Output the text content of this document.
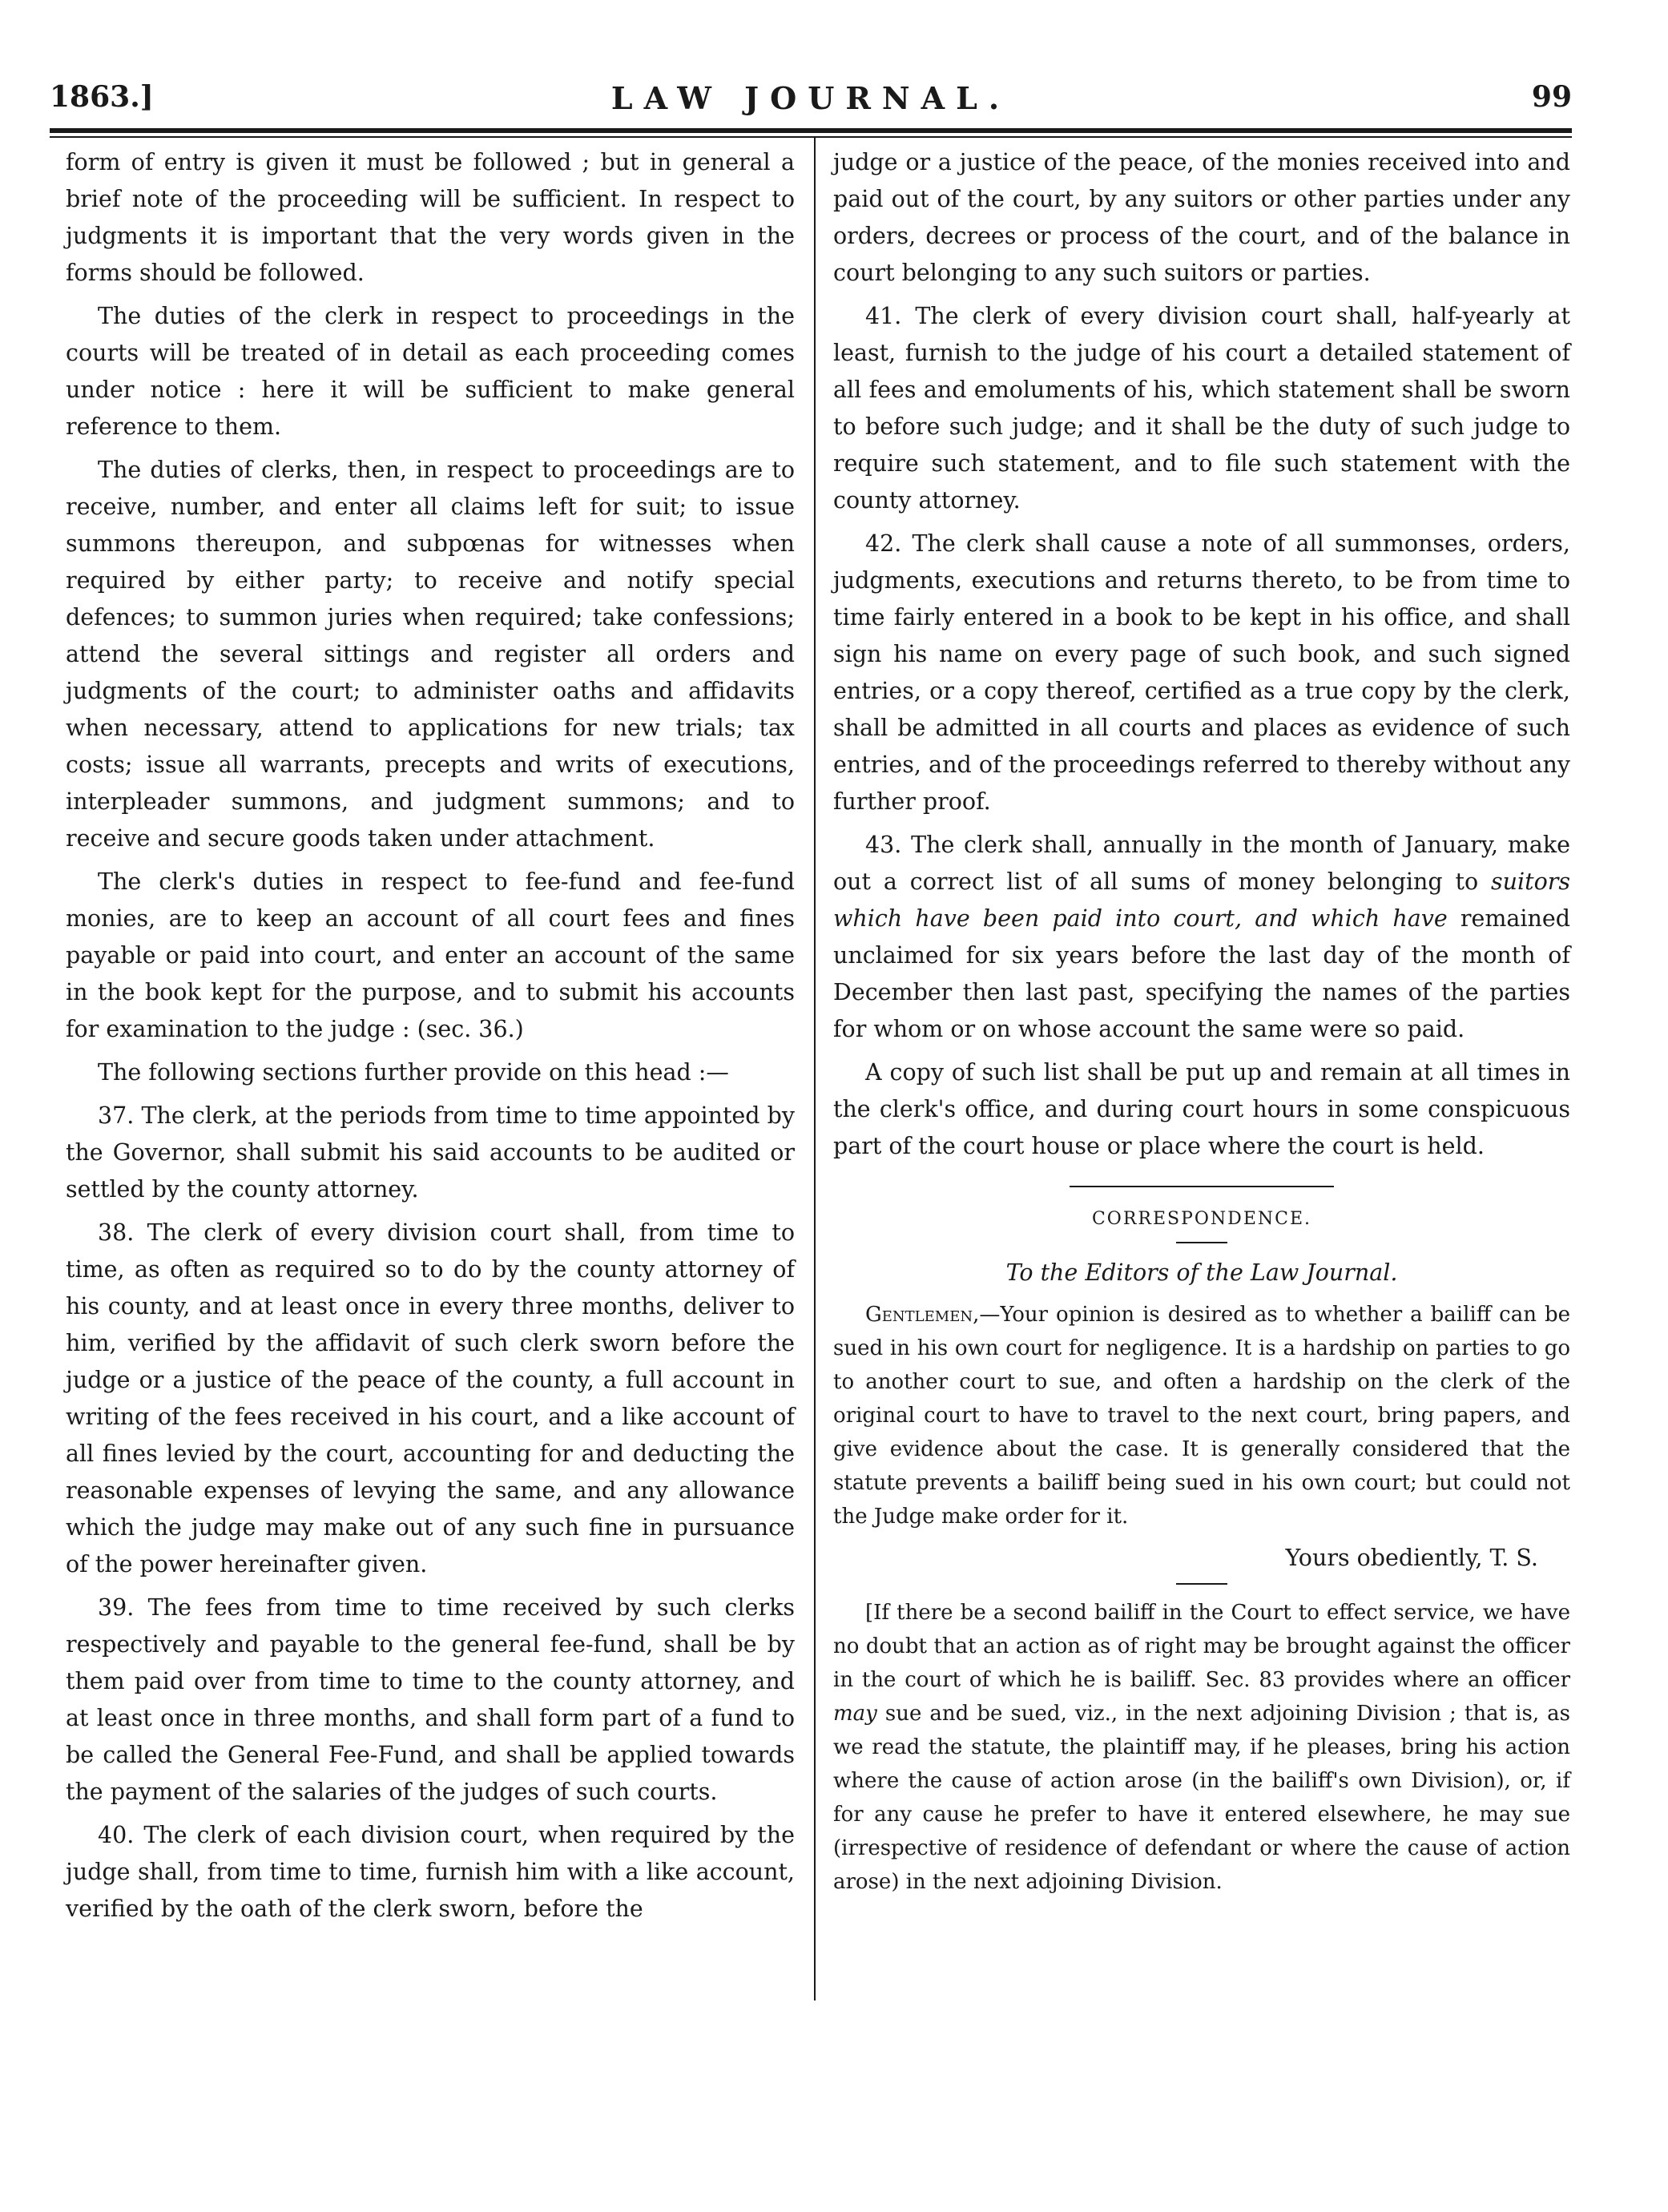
1863.]	LAW JOURNAL.	99

form of entry is given it must be followed ; but in general a brief note of the proceeding will be sufficient. In respect to judgments it is important that the very words given in the forms should be followed.

The duties of the clerk in respect to proceedings in the courts will be treated of in detail as each proceeding comes under notice : here it will be sufficient to make general reference to them.

The duties of clerks, then, in respect to proceedings are to receive, number, and enter all claims left for suit; to issue summons thereupon, and subpœnas for witnesses when required by either party; to receive and notify special defences; to summon juries when required; take confessions; attend the several sittings and register all orders and judgments of the court; to administer oaths and affidavits when necessary, attend to applications for new trials; tax costs; issue all warrants, precepts and writs of executions, interpleader summons, and judgment summons; and to receive and secure goods taken under attachment.

The clerk's duties in respect to fee-fund and fee-fund monies, are to keep an account of all court fees and fines payable or paid into court, and enter an account of the same in the book kept for the purpose, and to submit his accounts for examination to the judge : (sec. 36.)

The following sections further provide on this head :—

37. The clerk, at the periods from time to time appointed by the Governor, shall submit his said accounts to be audited or settled by the county attorney.

38. The clerk of every division court shall, from time to time, as often as required so to do by the county attorney of his county, and at least once in every three months, deliver to him, verified by the affidavit of such clerk sworn before the judge or a justice of the peace of the county, a full account in writing of the fees received in his court, and a like account of all fines levied by the court, accounting for and deducting the reasonable expenses of levying the same, and any allowance which the judge may make out of any such fine in pursuance of the power hereinafter given.

39. The fees from time to time received by such clerks respectively and payable to the general fee-fund, shall be by them paid over from time to time to the county attorney, and at least once in three months, and shall form part of a fund to be called the General Fee-Fund, and shall be applied towards the payment of the salaries of the judges of such courts.

40. The clerk of each division court, when required by the judge shall, from time to time, furnish him with a like account, verified by the oath of the clerk sworn, before the

judge or a justice of the peace, of the monies received into and paid out of the court, by any suitors or other parties under any orders, decrees or process of the court, and of the balance in court belonging to any such suitors or parties.

41. The clerk of every division court shall, half-yearly at least, furnish to the judge of his court a detailed statement of all fees and emoluments of his, which statement shall be sworn to before such judge; and it shall be the duty of such judge to require such statement, and to file such statement with the county attorney.

42. The clerk shall cause a note of all summonses, orders, judgments, executions and returns thereto, to be from time to time fairly entered in a book to be kept in his office, and shall sign his name on every page of such book, and such signed entries, or a copy thereof, certified as a true copy by the clerk, shall be admitted in all courts and places as evidence of such entries, and of the proceedings referred to thereby without any further proof.

43. The clerk shall, annually in the month of January, make out a correct list of all sums of money belonging to suitors which have been paid into court, and which have remained unclaimed for six years before the last day of the month of December then last past, specifying the names of the parties for whom or on whose account the same were so paid.

A copy of such list shall be put up and remain at all times in the clerk's office, and during court hours in some conspicuous part of the court house or place where the court is held.

CORRESPONDENCE.

To the Editors of the Law Journal.

Gentlemen,—Your opinion is desired as to whether a bailiff can be sued in his own court for negligence. It is a hardship on parties to go to another court to sue, and often a hardship on the clerk of the original court to have to travel to the next court, bring papers, and give evidence about the case. It is generally considered that the statute prevents a bailiff being sued in his own court; but could not the Judge make order for it.

Yours obediently, T. S.

[If there be a second bailiff in the Court to effect service, we have no doubt that an action as of right may be brought against the officer in the court of which he is bailiff. Sec. 83 provides where an officer may sue and be sued, viz., in the next adjoining Division ; that is, as we read the statute, the plaintiff may, if he pleases, bring his action where the cause of action arose (in the bailiff's own Division), or, if for any cause he prefer to have it entered elsewhere, he may sue (irrespective of residence of defendant or where the cause of action arose) in the next adjoining Division.
